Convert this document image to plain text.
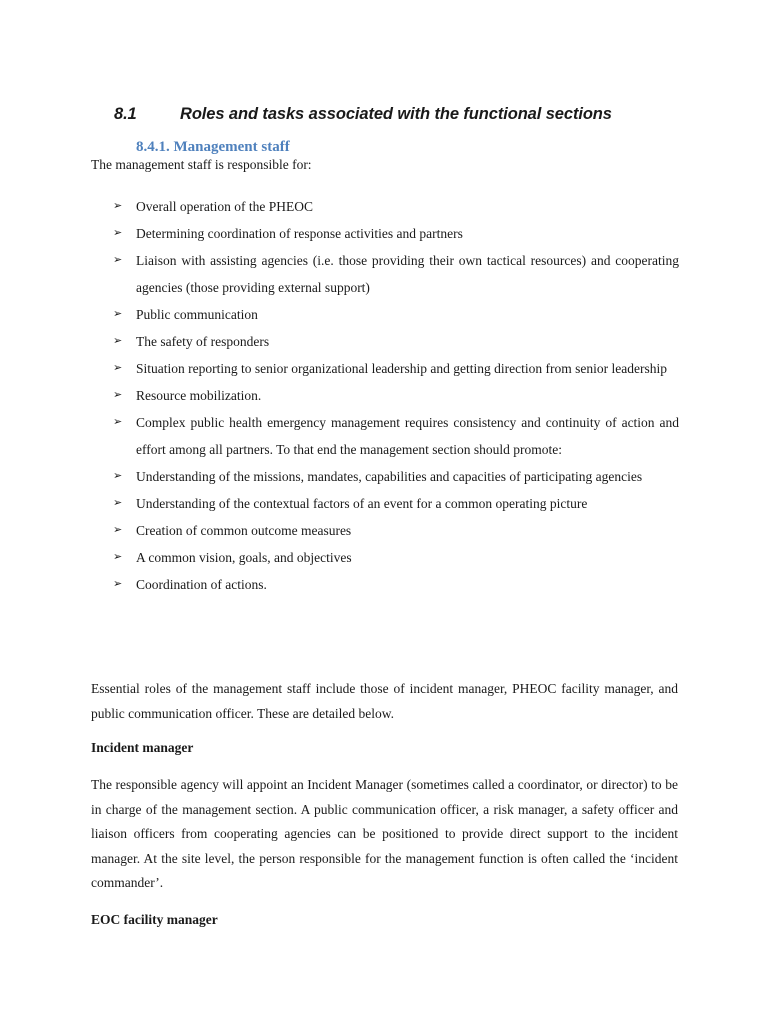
8.1	Roles and tasks associated with the functional sections
8.4.1. Management staff
The management staff is responsible for:
➢ Overall operation of the PHEOC
➢ Determining coordination of response activities and partners
➢ Liaison with assisting agencies (i.e. those providing their own tactical resources) and cooperating agencies (those providing external support)
➢ Public communication
➢ The safety of responders
➢ Situation reporting to senior organizational leadership and getting direction from senior leadership
➢ Resource mobilization.
➢ Complex public health emergency management requires consistency and continuity of action and effort among all partners. To that end the management section should promote:
➢ Understanding of the missions, mandates, capabilities and capacities of participating agencies
➢ Understanding of the contextual factors of an event for a common operating picture
➢ Creation of common outcome measures
➢ A common vision, goals, and objectives
➢ Coordination of actions.
Essential roles of the management staff include those of incident manager, PHEOC facility manager, and public communication officer. These are detailed below.
Incident manager
The responsible agency will appoint an Incident Manager (sometimes called a coordinator, or director) to be in charge of the management section. A public communication officer, a risk manager, a safety officer and liaison officers from cooperating agencies can be positioned to provide direct support to the incident manager. At the site level, the person responsible for the management function is often called the ‘incident commander’.
EOC facility manager
